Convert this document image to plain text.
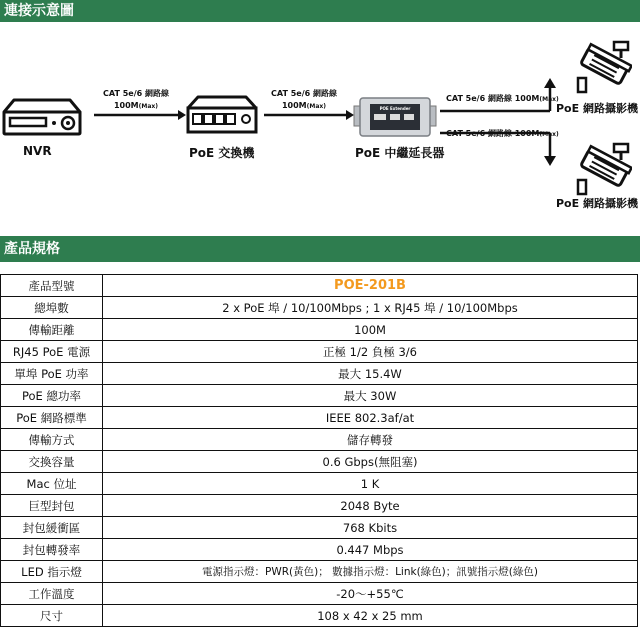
連接示意圖
NVR
CAT 5e/6 網路線
100M(Max)
PoE 交換機
CAT 5e/6 網路線
100M(Max)	POE Extender
PoE 中繼延長器
CAT 5e/6 網路線 100M(Max)
CAT 5e/6 網路線 100M(Max)
PoE 網路攝影機
PoE 網路攝影機
產品規格
產品型號	POE-201B
總埠數	2 x PoE 埠 / 10/100Mbps ; 1 x RJ45 埠 / 10/100Mbps
傳輸距離	100M
RJ45 PoE 電源	正極 1/2 負極 3/6
單埠 PoE 功率	最大 15.4W
PoE 總功率	最大 30W
PoE 網路標準	IEEE 802.3af/at
傳輸方式	儲存轉發
交換容量	0.6 Gbps(無阻塞)
Mac 位址	1 K
巨型封包	2048 Byte
封包緩衝區	768 Kbits
封包轉發率	0.447 Mbps
LED 指示燈	電源指示燈：PWR(黃色)； 數據指示燈：Link(綠色)；訊號指示燈(綠色)
工作溫度	-20～+55℃
尺寸	108 x 42 x 25 mm
